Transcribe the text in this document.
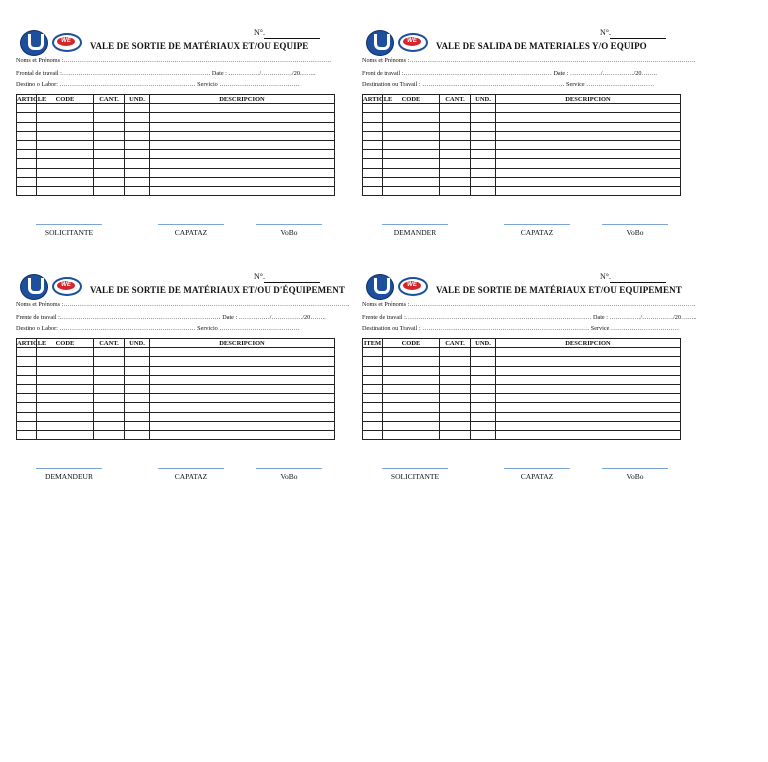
WE
N°.
VALE DE SORTIE DE MATÉRIAUX ET/OU EQUIPE
Noms et Prénoms :………………………………………………………………………………………………………………….
Frontal de travail :……………………………………………………………… Date : ……………/……………/20……..
Destino o Labor: ………………………………………………………… Servicio …………………………………
ARTICLE	CODE	CANT.	UND.	DESCRIPCION

SOLICITANTE	CAPATAZ	VoBo
WE
N°.
VALE DE SALIDA DE MATERIALES Y/O EQUIPO
Noms et Prénoms :………………………………………………………………………………………………………………………….
Front de travail :……………………………………………………………… Date : ……………/……………/20……..
Destination ou Travail : …………………………………………………………… Service ……………………………
ARTICLE	CODE	CANT.	UND.	DESCRIPCION

DEMANDER	CAPATAZ	VoBo
WE
N°.
VALE DE SORTIE DE MATÉRIAUX ET/OU D'ÉQUIPEMENT
Noms et Prénoms :………………………………………………………………………………………………………………………….
Frente de travail :…………………………………………………………………… Date : ……………/……………/20……..
Destino o Labor: ………………………………………………………… Servicio …………………………………
ARTICLE	CODE	CANT.	UND.	DESCRIPCION

DEMANDEUR	CAPATAZ	VoBo
WE
N°.
VALE DE SORTIE DE MATÉRIAUX ET/OU EQUIPEMENT
Noms et Prénoms :………………………………………………………………………………………………………………………….
Frente de travail :……………………………………………………………………………… Date : ……………/……………/20……..
Destination ou Travail : ……………………………………………………………………… Service ……………………………
ITEM	CODE	CANT.	UND.	DESCRIPCION

SOLICITANTE	CAPATAZ	VoBo
